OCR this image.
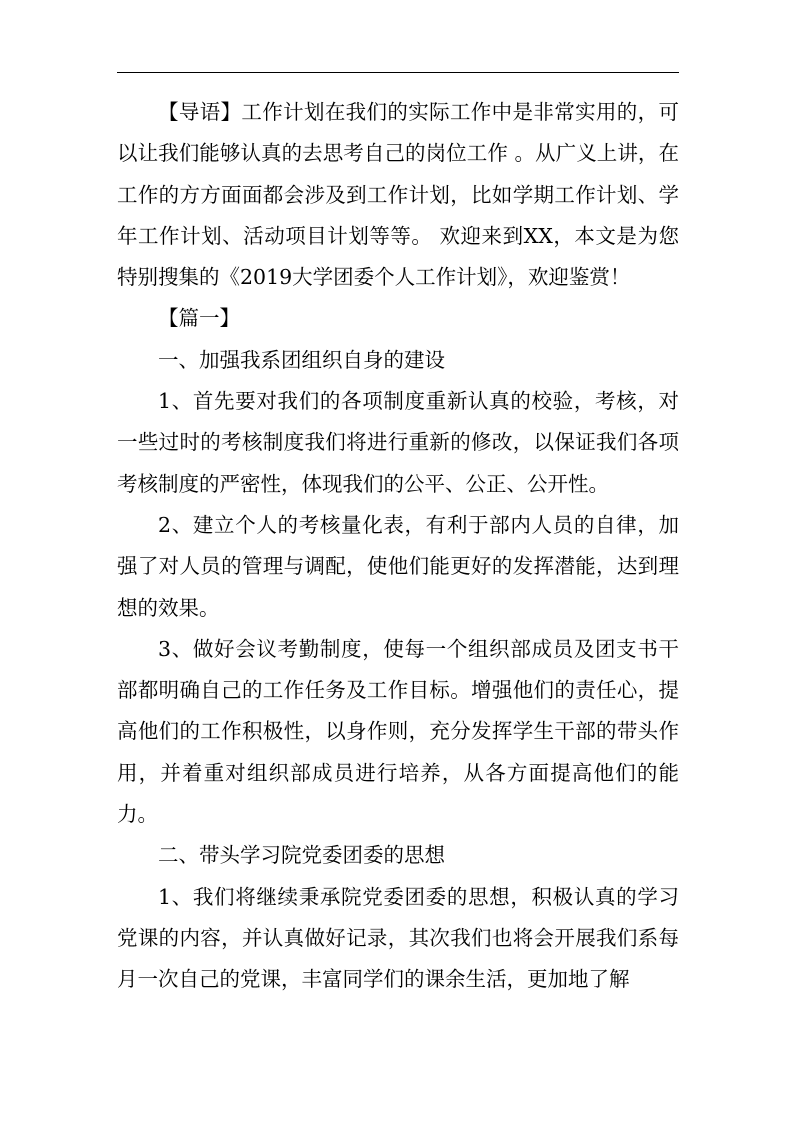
【导语】工作计划在我们的实际工作中是非常实用的，可以让我们能够认真的去思考自己的岗位工作 。从广义上讲，在工作的方方面面都会涉及到工作计划，比如学期工作计划、学年工作计划、活动项目计划等等。 欢迎来到XX，本文是为您特别搜集的《2019大学团委个人工作计划》，欢迎鉴赏！

【篇一】

一、加强我系团组织自身的建设

1、首先要对我们的各项制度重新认真的校验，考核，对一些过时的考核制度我们将进行重新的修改，以保证我们各项考核制度的严密性，体现我们的公平、公正、公开性。

2、建立个人的考核量化表，有利于部内人员的自律，加强了对人员的管理与调配，使他们能更好的发挥潜能，达到理想的效果。

3、做好会议考勤制度，使每一个组织部成员及团支书干部都明确自己的工作任务及工作目标。增强他们的责任心，提高他们的工作积极性，以身作则，充分发挥学生干部的带头作用，并着重对组织部成员进行培养，从各方面提高他们的能力。

二、带头学习院党委团委的思想

1、我们将继续秉承院党委团委的思想，积极认真的学习党课的内容，并认真做好记录，其次我们也将会开展我们系每月一次自己的党课，丰富同学们的课余生活，更加地了解
